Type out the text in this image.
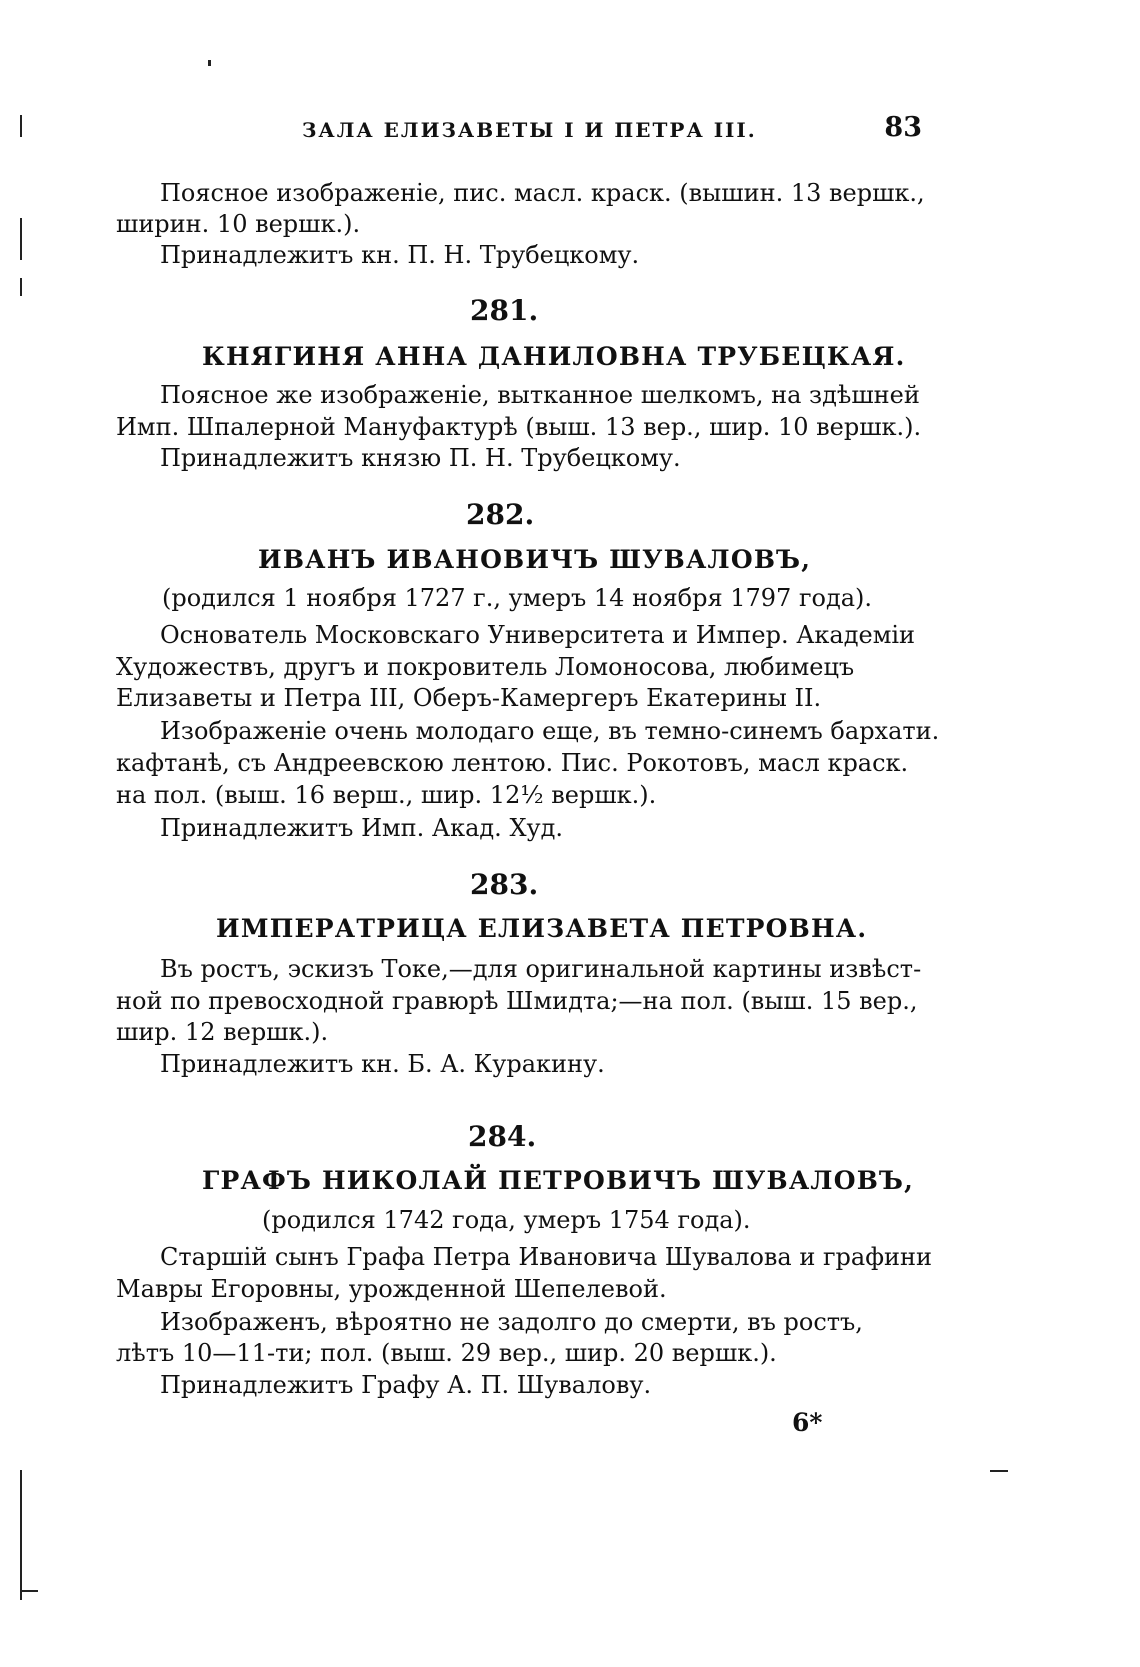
ЗАЛА ЕЛИЗАВЕТЫ I И ПЕТРА III.	83
Поясное изображеніе, пис. масл. краск. (вышин. 13 вершк.,
ширин. 10 вершк.).
Принадлежитъ кн. П. Н. Трубецкому.
281.
КНЯГИНЯ АННА ДАНИЛОВНА ТРУБЕЦКАЯ.
Поясное же изображеніе, вытканное шелкомъ, на здѣшней
Имп. Шпалерной Мануфактурѣ (выш. 13 вер., шир. 10 вершк.).
Принадлежитъ князю П. Н. Трубецкому.
282.
ИВАНЪ ИВАНОВИЧЪ ШУВАЛОВЪ,
(родился 1 ноября 1727 г., умеръ 14 ноября 1797 года).
Основатель Московскаго Университета и Импер. Академіи
Художествъ, другъ и покровитель Ломоносова, любимецъ
Елизаветы и Петра III, Оберъ-Камергеръ Екатерины II.
Изображеніе очень молодаго еще, въ темно-синемъ бархати.
кафтанѣ, съ Андреевскою лентою. Пис. Рокотовъ, масл краск.
на пол. (выш. 16 верш., шир. 12½ вершк.).
Принадлежитъ Имп. Акад. Худ.
283.
ИМПЕРАТРИЦА ЕЛИЗАВЕТА ПЕТРОВНА.
Въ ростъ, эскизъ Токе,—для оригинальной картины извѣст-
ной по превосходной гравюрѣ Шмидта;—на пол. (выш. 15 вер.,
шир. 12 вершк.).
Принадлежитъ кн. Б. А. Куракину.
284.
ГРАФЪ НИКОЛАЙ ПЕТРОВИЧЪ ШУВАЛОВЪ,
(родился 1742 года, умеръ 1754 года).
Старшій сынъ Графа Петра Ивановича Шувалова и графини
Мавры Егоровны, урожденной Шепелевой.
Изображенъ, вѣроятно не задолго до смерти, въ ростъ,
лѣтъ 10—11-ти; пол. (выш. 29 вер., шир. 20 вершк.).
Принадлежитъ Графу А. П. Шувалову.
6*
